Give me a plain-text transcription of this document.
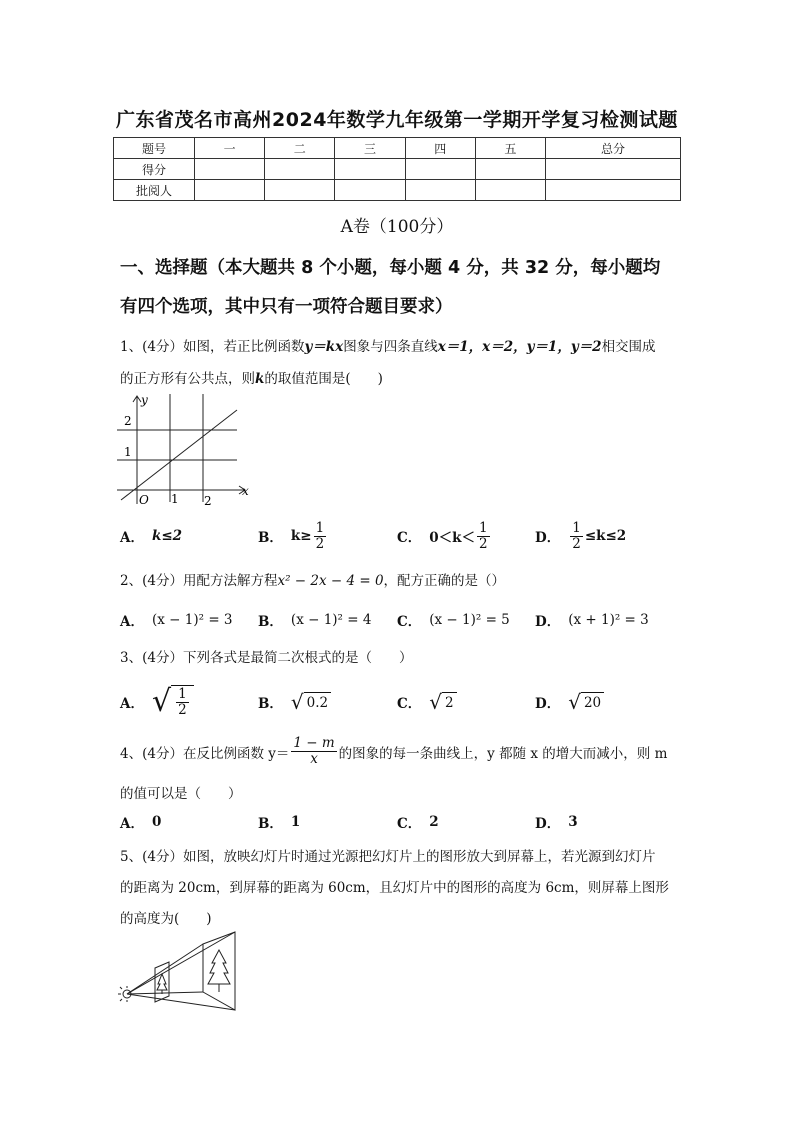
广东省茂名市高州2024年数学九年级第一学期开学复习检测试题
题号	一	二	三	四	五	总分
得分						
批阅人						
A卷（100分）
一、选择题（本大题共 8 个小题，每小题 4 分，共 32 分，每小题均
有四个选项，其中只有一项符合题目要求）
1、(4分）如图，若正比例函数y＝kx图象与四条直线x＝1，x＝2，y＝1，y＝2相交围成
的正方形有公共点，则k的取值范围是(　　)
y
x
O 1 2
1
2
A． k≤2	B． $k\ge \frac{1}{2}$	C． $0<k< \frac{1}{2}$	D． $\frac{1}{2} \le k\le 2$
2、(4分）用配方法解方程x² − 2x − 4 = 0，配方正确的是（）
A． (x − 1)² = 3 B． (x − 1)² = 4 C． (x − 1)² = 5 D． (x + 1)² = 3
3、(4分）下列各式是最简二次根式的是（　　）
A． √ $\frac{1}{2}$	B． √ 0.2	C． √ 2	D． √ 20
4、(4分）在反比例函数 $y= \frac{1 - m}{x}$ 的图象的每一条曲线上，y 都随 x 的增大而减小，则 m
的值可以是（　　）
A． 0	B． 1	C． 2	D． 3
5、(4分）如图，放映幻灯片时通过光源把幻灯片上的图形放大到屏幕上，若光源到幻灯片
的距离为 20cm，到屏幕的距离为 60cm，且幻灯片中的图形的高度为 6cm，则屏幕上图形
的高度为(　　)
